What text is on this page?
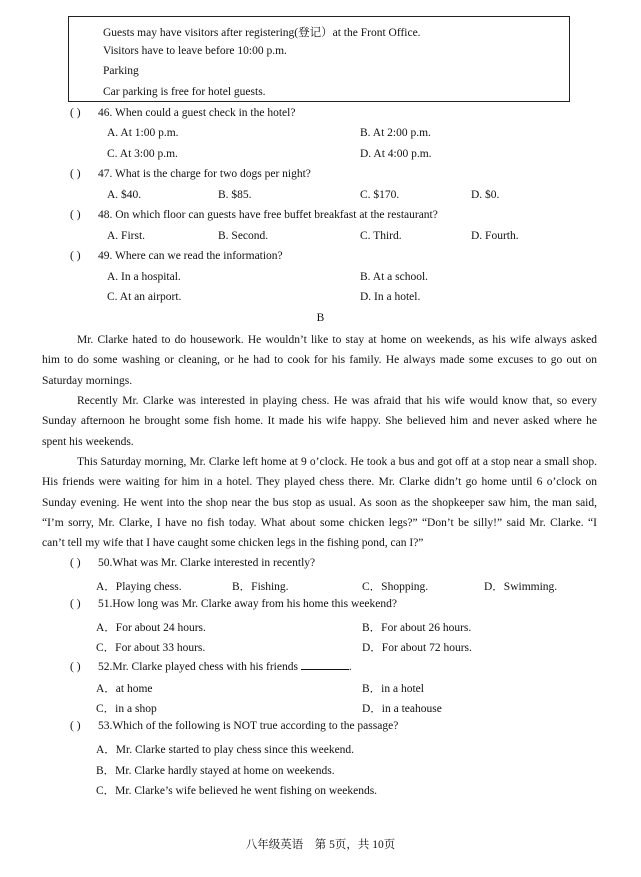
Guests may have visitors after registering(登记）at the Front Office.
Visitors have to leave before 10:00 p.m.
Parking
Car parking is free for hotel guests.
( ) 46. When could a guest check in the hotel?
A. At 1:00 p.m.	B. At 2:00 p.m.
C. At 3:00 p.m.	D. At 4:00 p.m.
( ) 47. What is the charge for two dogs per night?
A. $40.	B. $85.	C. $170.	D. $0.
( ) 48. On which floor can guests have free buffet breakfast at the restaurant?
A. First.	B. Second.	C. Third.	D. Fourth.
( ) 49. Where can we read the information?
A. In a hospital.	B. At a school.
C. At an airport.	D. In a hotel.
B
Mr. Clarke hated to do housework. He wouldn’t like to stay at home on weekends, as his wife always asked
him to do some washing or cleaning, or he had to cook for his family. He always made some excuses to go out on
Saturday mornings.
Recently Mr. Clarke was interested in playing chess. He was afraid that his wife would know that, so every
Sunday afternoon he brought some fish home. It made his wife happy. She believed him and never asked where he
spent his weekends.
This Saturday morning, Mr. Clarke left home at 9 o’clock. He took a bus and got off at a stop near a small shop.
His friends were waiting for him in a hotel. They played chess there. Mr. Clarke didn’t go home until 6 o’clock on
Sunday evening. He went into the shop near the bus stop as usual. As soon as the shopkeeper saw him, the man said,
“I’m sorry, Mr. Clarke, I have no fish today. What about some chicken legs?” “Don’t be silly!” said Mr. Clarke. “I
can’t tell my wife that I have caught some chicken legs in the fishing pond, can I?”
( ) 50.What was Mr. Clarke interested in recently?
A．Playing chess.	B．Fishing.	C．Shopping.	D．Swimming.
( ) 51.How long was Mr. Clarke away from his home this weekend?
A．For about 24 hours.	B．For about 26 hours.
C．For about 33 hours.	D．For about 72 hours.
( ) 52.Mr. Clarke played chess with his friends	.
A．at home	B．in a hotel
C．in a shop	D．in a teahouse
( ) 53.Which of the following is NOT true according to the passage?
A．Mr. Clarke started to play chess since this weekend.
B．Mr. Clarke hardly stayed at home on weekends.
C．Mr. Clarke’s wife believed he went fishing on weekends.
八年级英语　第 5页，共 10页
